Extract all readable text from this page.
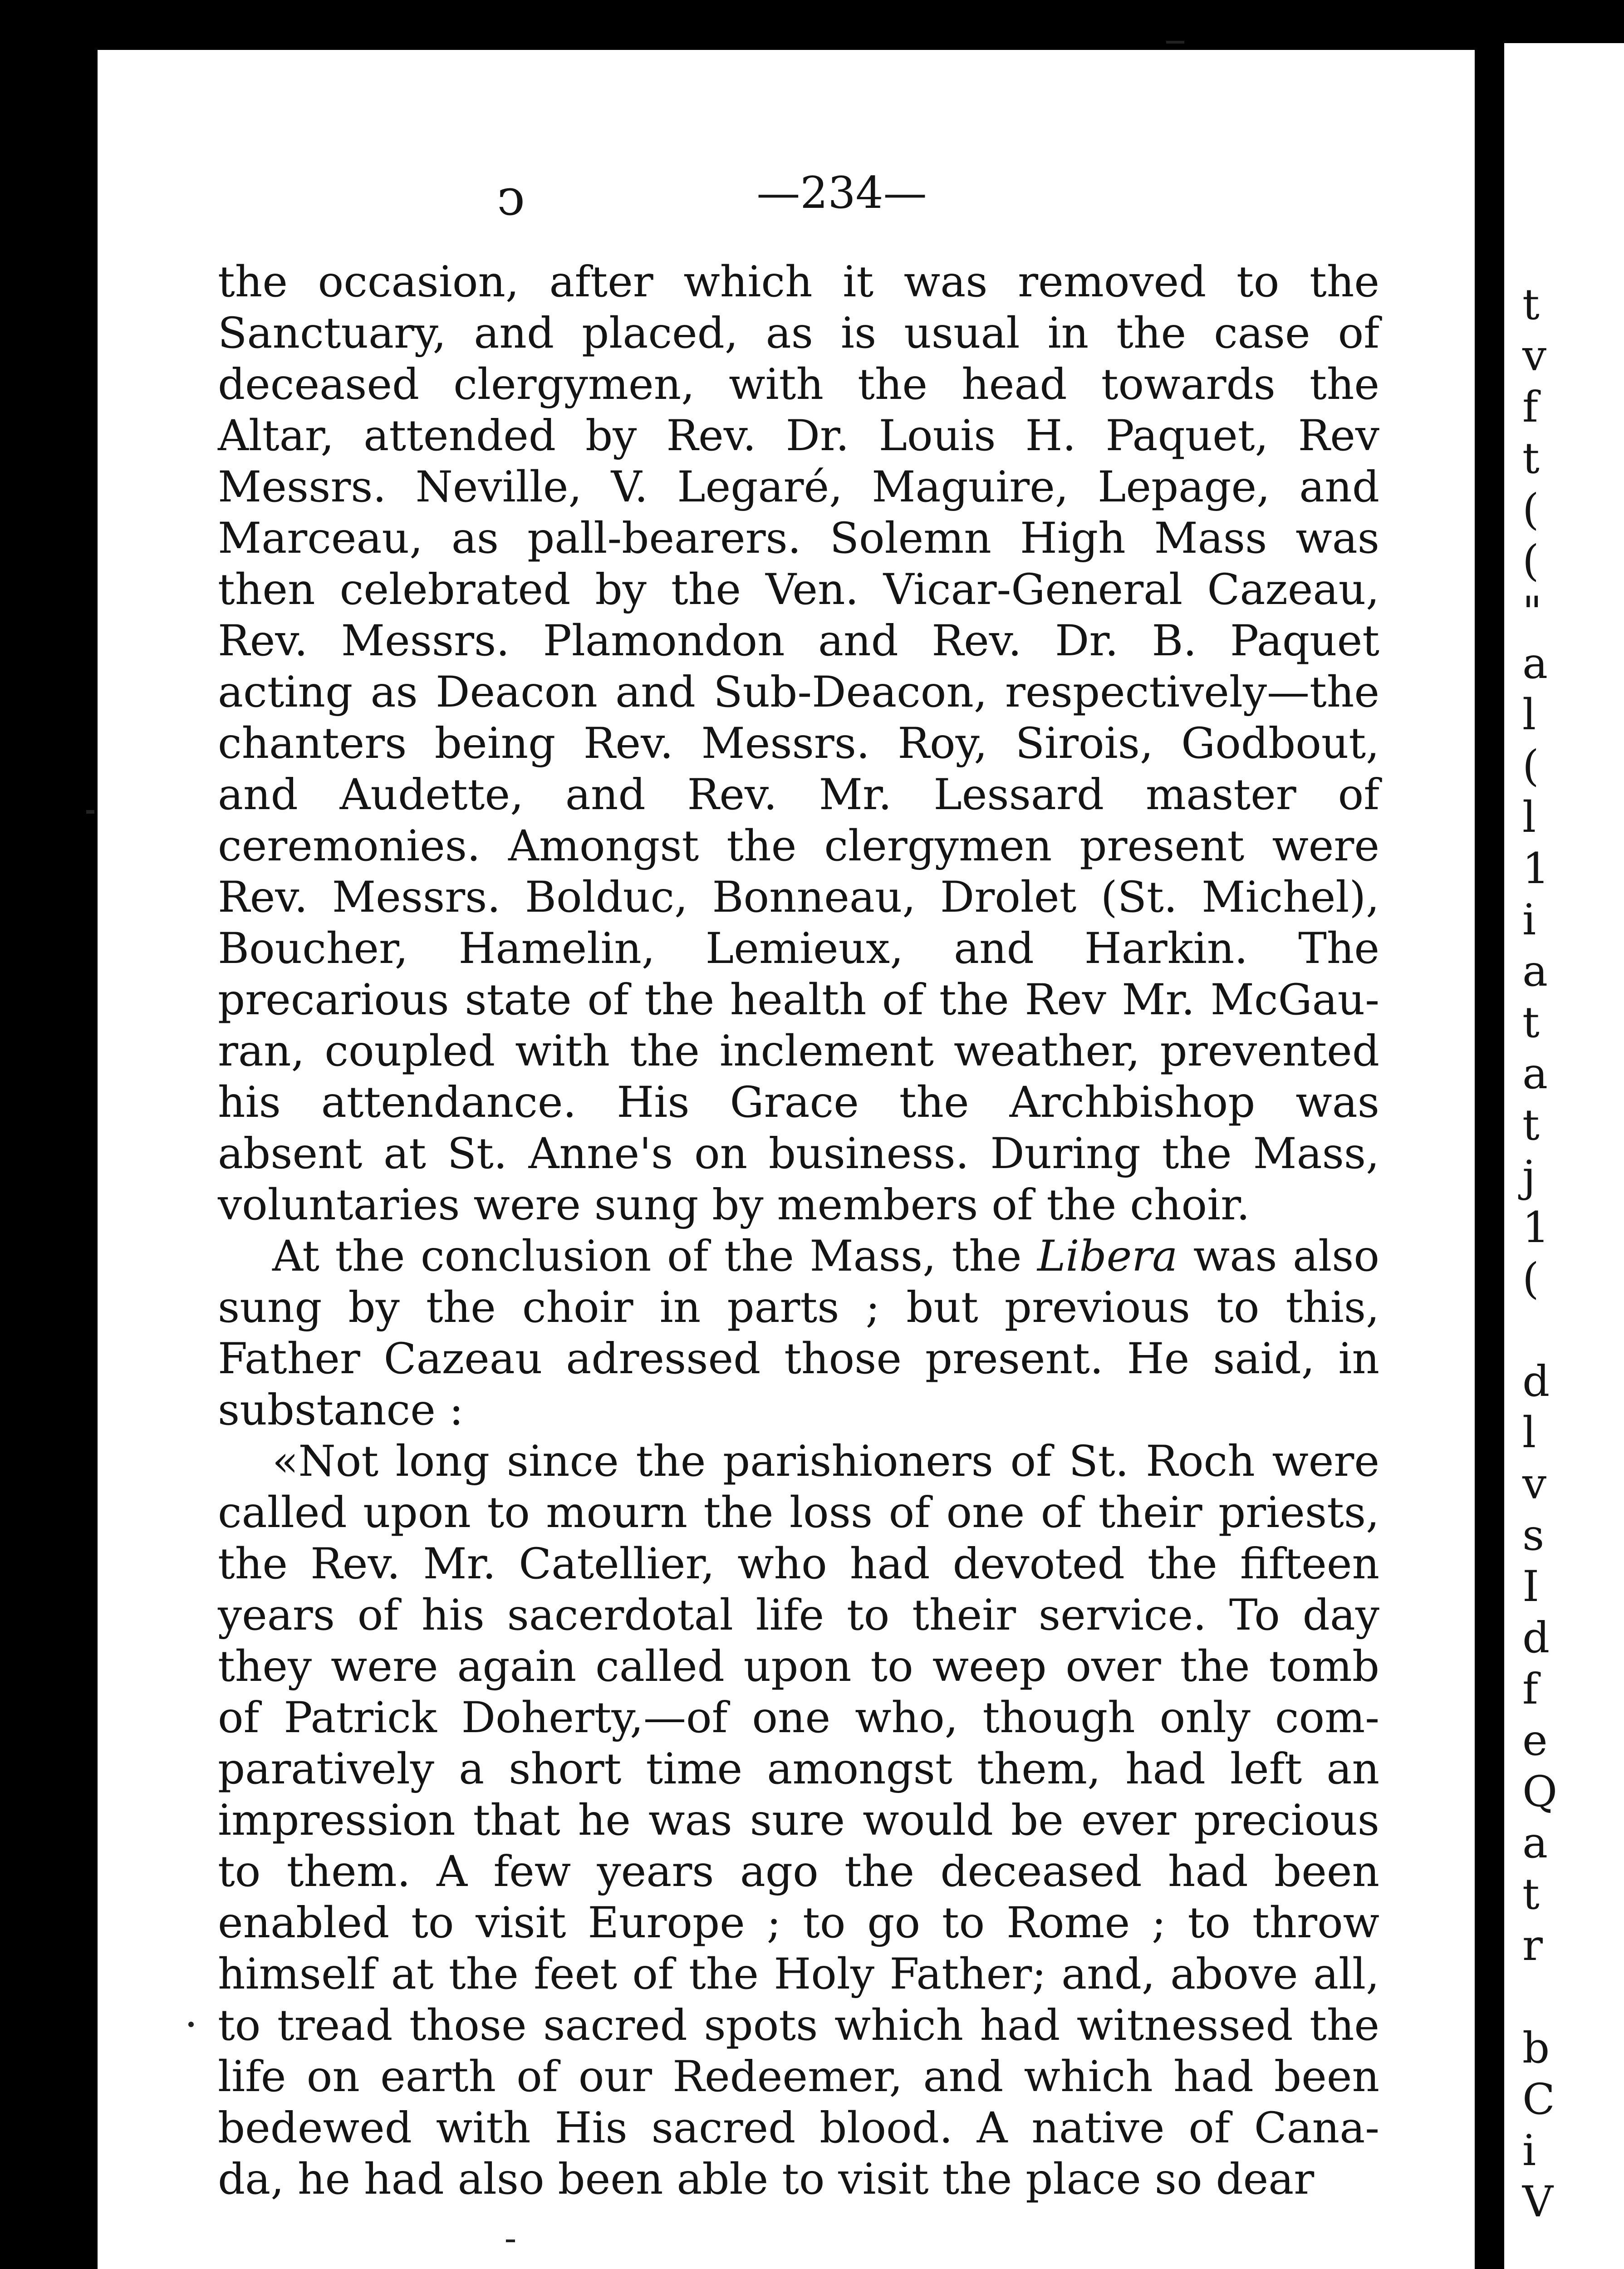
ↄ	—234—
the occasion, after which it was removed to the
Sanctuary, and placed, as is usual in the case of
deceased clergymen, with the head towards the
Altar, attended by Rev. Dr. Louis H. Paquet, Rev
Messrs. Neville, V. Legaré, Maguire, Lepage, and
Marceau, as pall-bearers. Solemn High Mass was
then celebrated by the Ven. Vicar-General Cazeau,
Rev. Messrs. Plamondon and Rev. Dr. B. Paquet
acting as Deacon and Sub-Deacon, respectively—the
chanters being Rev. Messrs. Roy, Sirois, Godbout,
and Audette, and Rev. Mr. Lessard master of
ceremonies. Amongst the clergymen present were
Rev. Messrs. Bolduc, Bonneau, Drolet (St. Michel),
Boucher, Hamelin, Lemieux, and Harkin. The
precarious state of the health of the Rev Mr. McGau-
ran, coupled with the inclement weather, prevented
his attendance. His Grace the Archbishop was
absent at St. Anne's on business. During the Mass,
voluntaries were sung by members of the choir.
At the conclusion of the Mass, the Libera was also
sung by the choir in parts ; but previous to this,
Father Cazeau adressed those present. He said, in
substance :
«Not long since the parishioners of St. Roch were
called upon to mourn the loss of one of their priests,
the Rev. Mr. Catellier, who had devoted the fifteen
years of his sacerdotal life to their service. To day
they were again called upon to weep over the tomb
of Patrick Doherty,—of one who, though only com-
paratively a short time amongst them, had left an
impression that he was sure would be ever precious
to them. A few years ago the deceased had been
enabled to visit Europe ; to go to Rome ; to throw
himself at the feet of the Holy Father; and, above all,
to tread those sacred spots which had witnessed the
life on earth of our Redeemer, and which had been
bedewed with His sacred blood. A native of Cana-
da, he had also been able to visit the place so dear
t
v
f
t
(
(
"
a
l
(
l
1
i
a
t
a
t
j
1
(
d
l
v
s
I
d
f
e
Q
a
t
r
b
C
i
V
